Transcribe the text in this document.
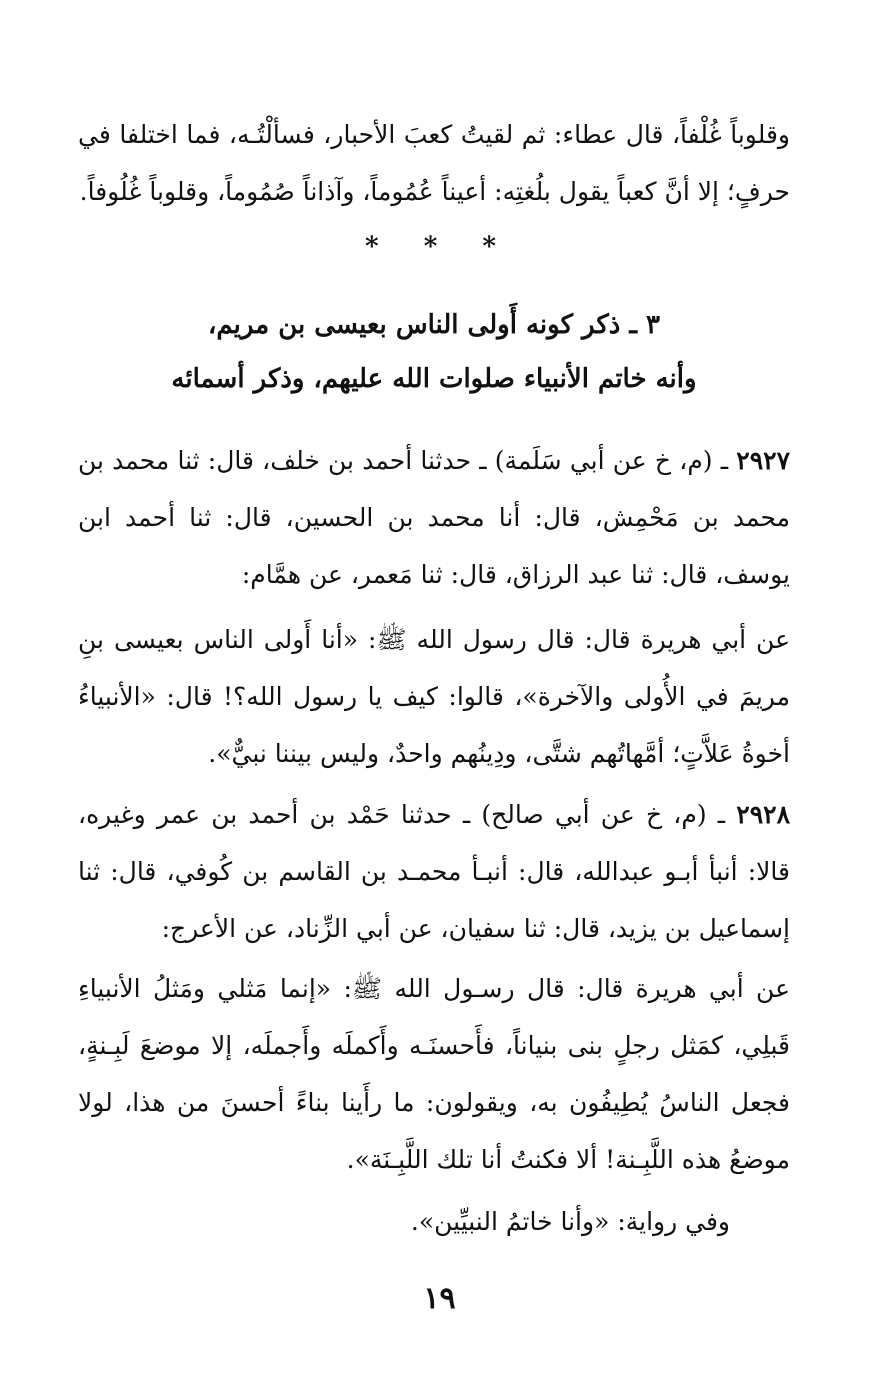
وقلوباً غُلْفاً، قال عطاء: ثم لقيتُ كعبَ الأحبار، فسألْتُـه، فما اختلفا في حرفٍ؛ إلا أنَّ كعباً يقول بلُغتِه: أعيناً عُمُوماً، وآذاناً صُمُوماً، وقلوباً غُلُوفاً.
* * *
٣ ـ ذكر كونه أَولى الناس بعيسى بن مريم،
وأنه خاتم الأنبياء صلوات الله عليهم، وذكر أسمائه
٢٩٢٧ ـ (م، خ عن أبي سَلَمة) ـ حدثنا أحمد بن خلف، قال: ثنا محمد بن محمد بن مَحْمِش، قال: أنا محمد بن الحسين، قال: ثنا أحمد ابن يوسف، قال: ثنا عبد الرزاق، قال: ثنا مَعمر، عن همَّام:
عن أبي هريرة قال: قال رسول الله ﷺ: «أنا أَولى الناس بعيسى بنِ مريمَ في الأُولى والآخرة»، قالوا: كيف يا رسول الله؟! قال: «الأنبياءُ أخوةُ عَلاَّتٍ؛ أمَّهاتُهم شتَّى، ودِينُهم واحدٌ، وليس بيننا نبيٌّ».
٢٩٢٨ ـ (م، خ عن أبي صالح) ـ حدثنا حَمْد بن أحمد بن عمر وغيره، قالا: أنبأ أبـو عبدالله، قال: أنبـأ محمـد بن القاسم بن كُوفي، قال: ثنا إسماعيل بن يزيد، قال: ثنا سفيان، عن أبي الزِّناد، عن الأعرج:
عن أبي هريرة قال: قال رسـول الله ﷺ: «إنما مَثلي ومَثلُ الأنبياءِ قَبلِي، كمَثل رجلٍ بنى بنياناً، فأَحسنَـه وأَكملَه وأَجملَه، إلا موضعَ لَبِـنةٍ، فجعل الناسُ يُطِيفُون به، ويقولون: ما رأَينا بناءً أحسنَ من هذا، لولا موضعُ هذه اللَّبِـنة! ألا فكنتُ أنا تلك اللَّبِـنَة».
وفي رواية: «وأنا خاتمُ النبيِّين».
١٩
